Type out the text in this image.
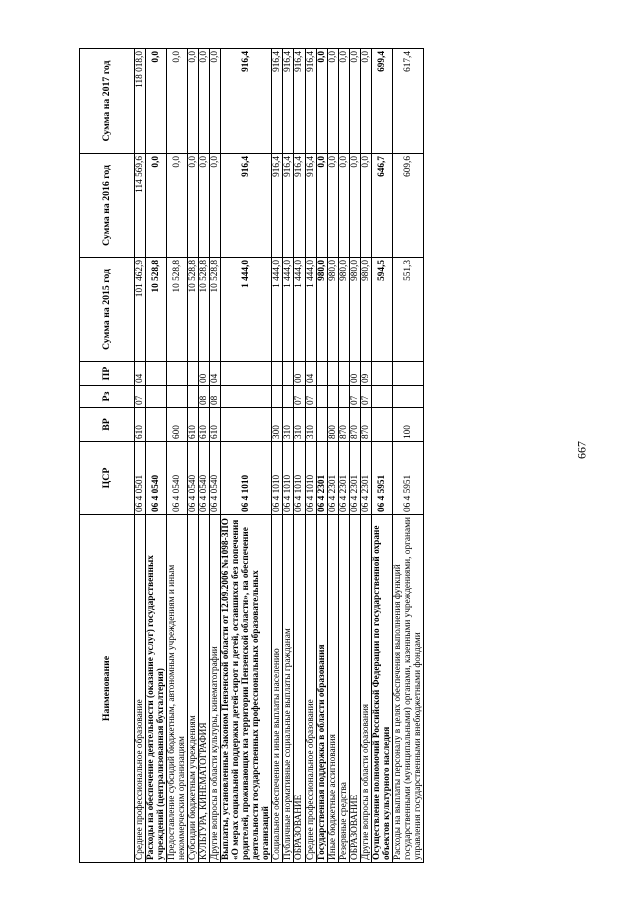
667
Наименование	ЦСР	ВР	Рз	ПР	Сумма на 2015 год	Сумма на 2016 год	Сумма на 2017 год
Среднее профессиональное образование	06 4 0501	610	07	04	101 462,9	114 569,6	118 018,0
Расходы на обеспечение деятельности (оказание услуг) государственных учреждений (централизованная бухгалтерия)	06 4 0540				10 528,8	0,0	0,0
Предоставление субсидий бюджетным, автономным учреждениям и иным некоммерческим организациям	06 4 0540	600			10 528,8	0,0	0,0
Субсидии бюджетным учреждениям	06 4 0540	610			10 528,8	0,0	0,0
КУЛЬТУРА, КИНЕМАТОГРАФИЯ	06 4 0540	610	08	00	10 528,8	0,0	0,0
Другие вопросы в области культуры, кинематографии	06 4 0540	610	08	04	10 528,8	0,0	0,0
Выплаты, установленные Законом Пензенской области от 12.09.2006 №1098-ЗПО «О мерах социальной поддержки детей-сирот и детей, оставшихся без попечения родителей, проживающих на территории Пензенской области», на обеспечение деятельности государственных профессиональных образовательных организаций	06 4 1010				1 444,0	916,4	916,4
Социальное обеспечение и иные выплаты населению	06 4 1010	300			1 444,0	916,4	916,4
Публичные нормативные социальные выплаты гражданам	06 4 1010	310			1 444,0	916,4	916,4
ОБРАЗОВАНИЕ	06 4 1010	310	07	00	1 444,0	916,4	916,4
Среднее профессиональное образование	06 4 1010	310	07	04	1 444,0	916,4	916,4
Государственная поддержка в области образования	06 4 2301				980,0	0,0	0,0
Иные бюджетные ассигнования	06 4 2301	800			980,0	0,0	0,0
Резервные средства	06 4 2301	870			980,0	0,0	0,0
ОБРАЗОВАНИЕ	06 4 2301	870	07	00	980,0	0,0	0,0
Другие вопросы в области образования	06 4 2301	870	07	09	980,0	0,0	0,0
Осуществление полномочий Российской Федерации по государственной охране объектов культурного наследия	06 4 5951				594,5	646,7	699,4
Расходы на выплаты персоналу в целях обеспечения выполнения функций государственными (муниципальными) органами, казенными учреждениями, органами управления государственными внебюджетными фондами	06 4 5951	100			551,3	609,6	617,4
